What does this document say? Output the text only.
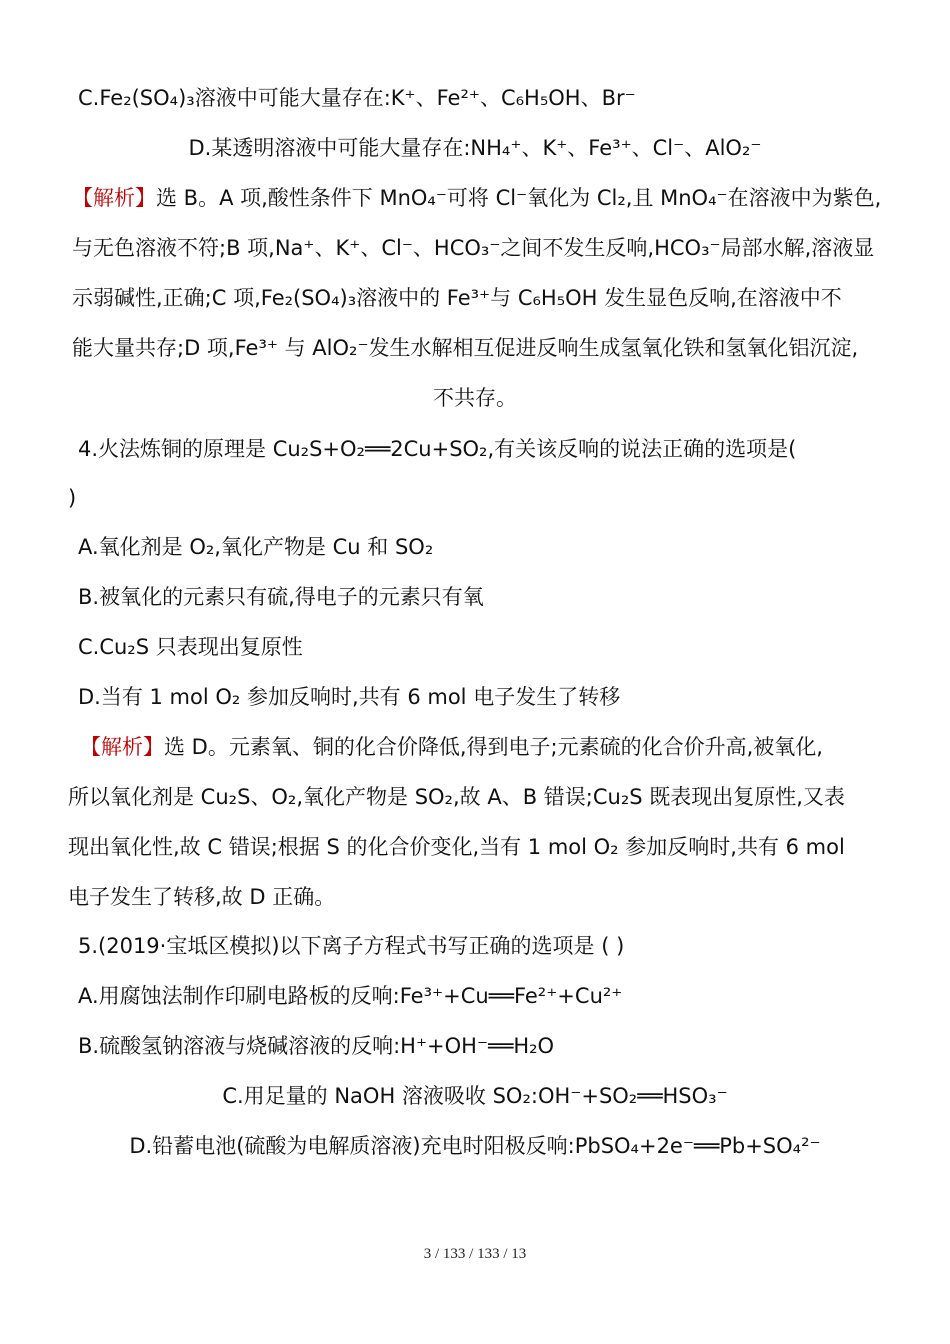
C.Fe₂(SO₄)₃溶液中可能大量存在:K⁺、Fe²⁺、C₆H₅OH、Br⁻
D.某透明溶液中可能大量存在:NH₄⁺、K⁺、Fe³⁺、Cl⁻、AlO₂⁻
【解析】选 B。A 项,酸性条件下 MnO₄⁻可将 Cl⁻氧化为 Cl₂,且 MnO₄⁻在溶液中为紫色,
与无色溶液不符;B 项,Na⁺、K⁺、Cl⁻、HCO₃⁻之间不发生反响,HCO₃⁻局部水解,溶液显
示弱碱性,正确;C 项,Fe₂(SO₄)₃溶液中的 Fe³⁺与 C₆H₅OH 发生显色反响,在溶液中不
能大量共存;D 项,Fe³⁺ 与 AlO₂⁻发生水解相互促进反响生成氢氧化铁和氢氧化铝沉淀,
不共存。
4.火法炼铜的原理是 Cu₂S+O₂══2Cu+SO₂,有关该反响的说法正确的选项是(
)
A.氧化剂是 O₂,氧化产物是 Cu 和 SO₂
B.被氧化的元素只有硫,得电子的元素只有氧
C.Cu₂S 只表现出复原性
D.当有 1 mol O₂ 参加反响时,共有 6 mol 电子发生了转移
【解析】选 D。元素氧、铜的化合价降低,得到电子;元素硫的化合价升高,被氧化,
所以氧化剂是 Cu₂S、O₂,氧化产物是 SO₂,故 A、B 错误;Cu₂S 既表现出复原性,又表
现出氧化性,故 C 错误;根据 S 的化合价变化,当有 1 mol O₂ 参加反响时,共有 6 mol
电子发生了转移,故 D 正确。
5.(2019·宝坻区模拟)以下离子方程式书写正确的选项是 ( )
A.用腐蚀法制作印刷电路板的反响:Fe³⁺+Cu══Fe²⁺+Cu²⁺
B.硫酸氢钠溶液与烧碱溶液的反响:H⁺+OH⁻══H₂O
C.用足量的 NaOH 溶液吸收 SO₂:OH⁻+SO₂══HSO₃⁻
D.铅蓄电池(硫酸为电解质溶液)充电时阳极反响:PbSO₄+2e⁻══Pb+SO₄²⁻
3 / 133 / 133 / 13
